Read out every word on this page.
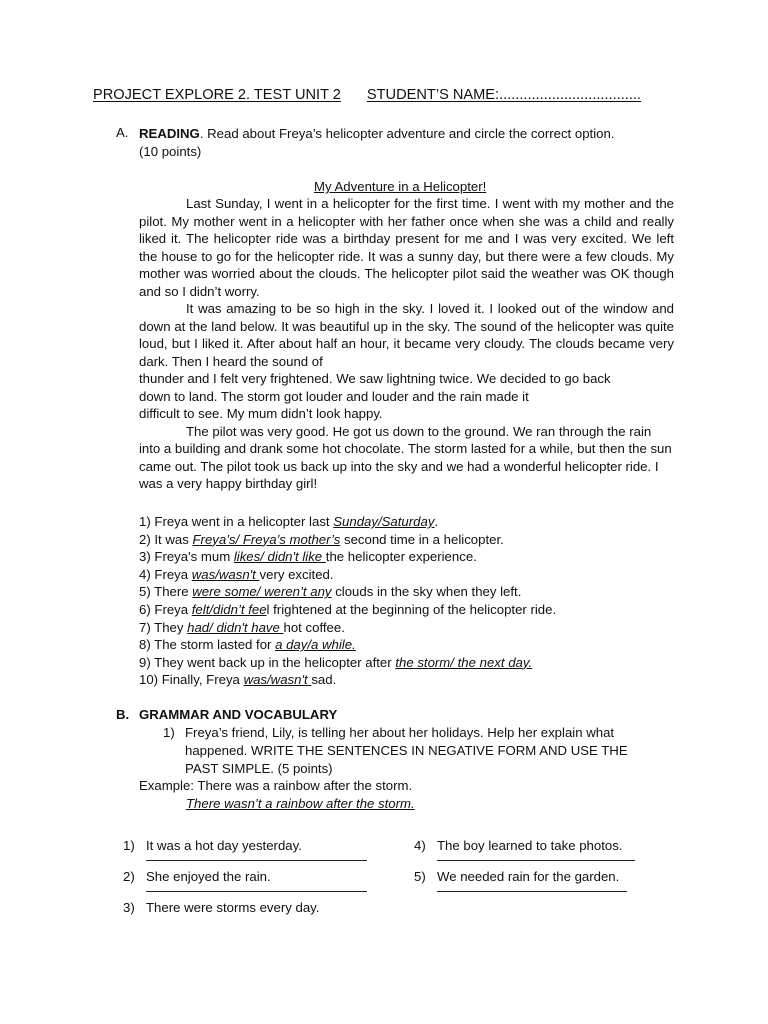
PROJECT EXPLORE 2. TEST UNIT 2 STUDENT’S NAME:...................................
A. READING. Read about Freya’s helicopter adventure and circle the correct option.
(10 points)
My Adventure in a Helicopter!

Last Sunday, I went in a helicopter for the first time. I went with my mother and the pilot. My mother went in a helicopter with her father once when she was a child and really liked it. The helicopter ride was a birthday present for me and I was very excited. We left the house to go for the helicopter ride. It was a sunny day, but there were a few clouds. My mother was worried about the clouds. The helicopter pilot said the weather was OK though and so I didn’t worry.

It was amazing to be so high in the sky. I loved it. I looked out of the window and down at the land below. It was beautiful up in the sky. The sound of the helicopter was quite loud, but I liked it. After about half an hour, it became very cloudy. The clouds became very dark. Then I heard the sound of

thunder and I felt very frightened. We saw lightning twice. We decided to go back
down to land. The storm got louder and louder and the rain made it
difficult to see. My mum didn’t look happy.

The pilot was very good. He got us down to the ground. We ran through the rain into a building and drank some hot chocolate. The storm lasted for a while, but then the sun came out. The pilot took us back up into the sky and we had a wonderful helicopter ride. I was a very happy birthday girl!

1) Freya went in a helicopter last Sunday/Saturday.
2) It was Freya’s/ Freya’s mother’s second time in a helicopter.
3) Freya's mum likes/ didn't like the helicopter experience.
4) Freya was/wasn't very excited.
5) There were some/ weren’t any clouds in the sky when they left.
6) Freya felt/didn’t feel frightened at the beginning of the helicopter ride.
7) They had/ didn't have hot coffee.
8) The storm lasted for a day/a while.
9) They went back up in the helicopter after the storm/ the next day.
10) Finally, Freya was/wasn't sad.
B. GRAMMAR AND VOCABULARY
1) Freya’s friend, Lily, is telling her about her holidays. Help her explain what happened. WRITE THE SENTENCES IN NEGATIVE FORM AND USE THE PAST SIMPLE. (5 points)
Example: There was a rainbow after the storm.
There wasn’t a rainbow after the storm.
1) It was a hot day yesterday.
2) She enjoyed the rain.
3) There were storms every day.
4) The boy learned to take photos.
5) We needed rain for the garden.
